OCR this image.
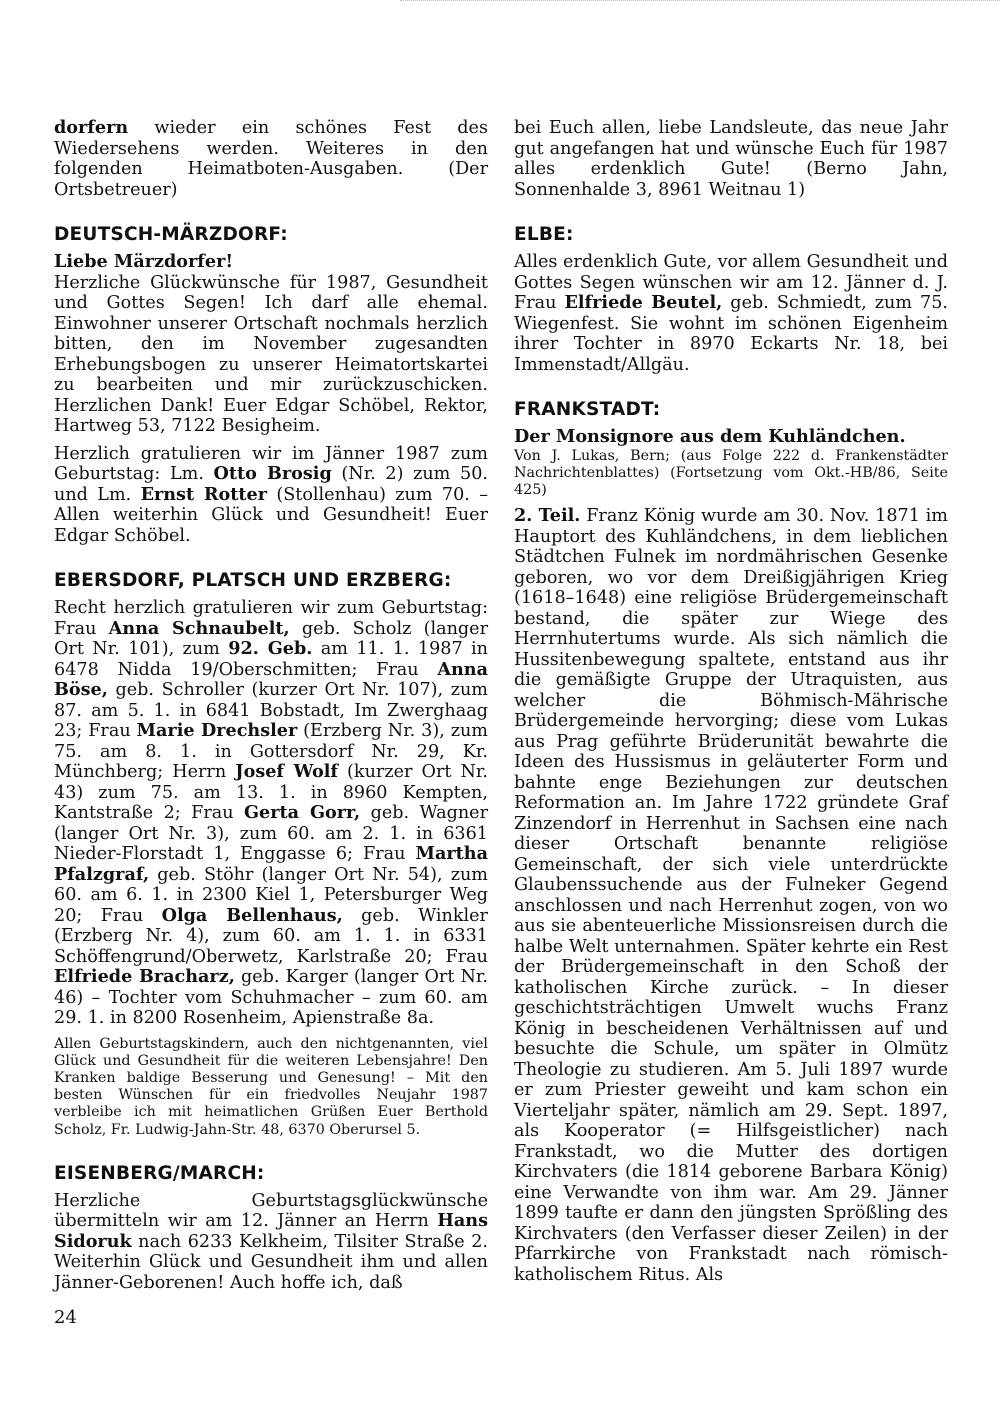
dorfern wieder ein schönes Fest des Wiedersehens werden. Weiteres in den folgenden Heimatboten-Ausgaben. (Der Ortsbetreuer)

DEUTSCH-MÄRZDORF:

Liebe Märzdorfer!

Herzliche Glückwünsche für 1987, Gesundheit und Gottes Segen! Ich darf alle ehemal. Einwohner unserer Ortschaft nochmals herzlich bitten, den im November zugesandten Erhebungsbogen zu unserer Heimatortskartei zu bearbeiten und mir zurückzuschicken. Herzlichen Dank! Euer Edgar Schöbel, Rektor, Hartweg 53, 7122 Besigheim.

Herzlich gratulieren wir im Jänner 1987 zum Geburtstag: Lm. Otto Brosig (Nr. 2) zum 50. und Lm. Ernst Rotter (Stollenhau) zum 70. – Allen weiterhin Glück und Gesundheit! Euer Edgar Schöbel.

EBERSDORF, PLATSCH UND ERZBERG:

Recht herzlich gratulieren wir zum Geburtstag: Frau Anna Schnaubelt, geb. Scholz (langer Ort Nr. 101), zum 92. Geb. am 11. 1. 1987 in 6478 Nidda 19/Oberschmitten; Frau Anna Böse, geb. Schroller (kurzer Ort Nr. 107), zum 87. am 5. 1. in 6841 Bobstadt, Im Zwerghaag 23; Frau Marie Drechsler (Erzberg Nr. 3), zum 75. am 8. 1. in Gottersdorf Nr. 29, Kr. Münchberg; Herrn Josef Wolf (kurzer Ort Nr. 43) zum 75. am 13. 1. in 8960 Kempten, Kantstraße 2; Frau Gerta Gorr, geb. Wagner (langer Ort Nr. 3), zum 60. am 2. 1. in 6361 Nieder-Florstadt 1, Enggasse 6; Frau Martha Pfalzgraf, geb. Stöhr (langer Ort Nr. 54), zum 60. am 6. 1. in 2300 Kiel 1, Petersburger Weg 20; Frau Olga Bellenhaus, geb. Winkler (Erzberg Nr. 4), zum 60. am 1. 1. in 6331 Schöffengrund/Oberwetz, Karlstraße 20; Frau Elfriede Bracharz, geb. Karger (langer Ort Nr. 46) – Tochter vom Schuhmacher – zum 60. am 29. 1. in 8200 Rosenheim, Apienstraße 8a.

Allen Geburtstagskindern, auch den nichtgenannten, viel Glück und Gesundheit für die weiteren Lebensjahre! Den Kranken baldige Besserung und Genesung! – Mit den besten Wünschen für ein friedvolles Neujahr 1987 verbleibe ich mit heimatlichen Grüßen Euer Berthold Scholz, Fr. Ludwig-Jahn-Str. 48, 6370 Oberursel 5.

EISENBERG/MARCH:

Herzliche Geburtstagsglückwünsche übermitteln wir am 12. Jänner an Herrn Hans Sidoruk nach 6233 Kelkheim, Tilsiter Straße 2. Weiterhin Glück und Gesundheit ihm und allen Jänner-Geborenen! Auch hoffe ich, daß

bei Euch allen, liebe Landsleute, das neue Jahr gut angefangen hat und wünsche Euch für 1987 alles erdenklich Gute! (Berno Jahn, Sonnenhalde 3, 8961 Weitnau 1)

ELBE:

Alles erdenklich Gute, vor allem Gesundheit und Gottes Segen wünschen wir am 12. Jänner d. J. Frau Elfriede Beutel, geb. Schmiedt, zum 75. Wiegenfest. Sie wohnt im schönen Eigenheim ihrer Tochter in 8970 Eckarts Nr. 18, bei Immenstadt/Allgäu.

FRANKSTADT:

Der Monsignore aus dem Kuhländchen.

Von J. Lukas, Bern; (aus Folge 222 d. Frankenstädter Nachrichtenblattes) (Fortsetzung vom Okt.-HB/86, Seite 425)

2. Teil. Franz König wurde am 30. Nov. 1871 im Hauptort des Kuhländchens, in dem lieblichen Städtchen Fulnek im nordmährischen Gesenke geboren, wo vor dem Dreißigjährigen Krieg (1618–1648) eine religiöse Brüdergemeinschaft bestand, die später zur Wiege des Herrnhutertums wurde. Als sich nämlich die Hussitenbewegung spaltete, entstand aus ihr die gemäßigte Gruppe der Utraquisten, aus welcher die Böhmisch-Mährische Brüdergemeinde hervorging; diese vom Lukas aus Prag geführte Brüderunität bewahrte die Ideen des Hussismus in geläuterter Form und bahnte enge Beziehungen zur deutschen Reformation an. Im Jahre 1722 gründete Graf Zinzendorf in Herrenhut in Sachsen eine nach dieser Ortschaft benannte religiöse Gemeinschaft, der sich viele unterdrückte Glaubenssuchende aus der Fulneker Gegend anschlossen und nach Herrenhut zogen, von wo aus sie abenteuerliche Missionsreisen durch die halbe Welt unternahmen. Später kehrte ein Rest der Brüdergemeinschaft in den Schoß der katholischen Kirche zurück. – In dieser geschichtsträchtigen Umwelt wuchs Franz König in bescheidenen Verhältnissen auf und besuchte die Schule, um später in Olmütz Theologie zu studieren. Am 5. Juli 1897 wurde er zum Priester geweiht und kam schon ein Vierteljahr später, nämlich am 29. Sept. 1897, als Kooperator (= Hilfsgeistlicher) nach Frankstadt, wo die Mutter des dortigen Kirchvaters (die 1814 geborene Barbara König) eine Verwandte von ihm war. Am 29. Jänner 1899 taufte er dann den jüngsten Sprößling des Kirchvaters (den Verfasser dieser Zeilen) in der Pfarrkirche von Frankstadt nach römisch-katholischem Ritus. Als

24
